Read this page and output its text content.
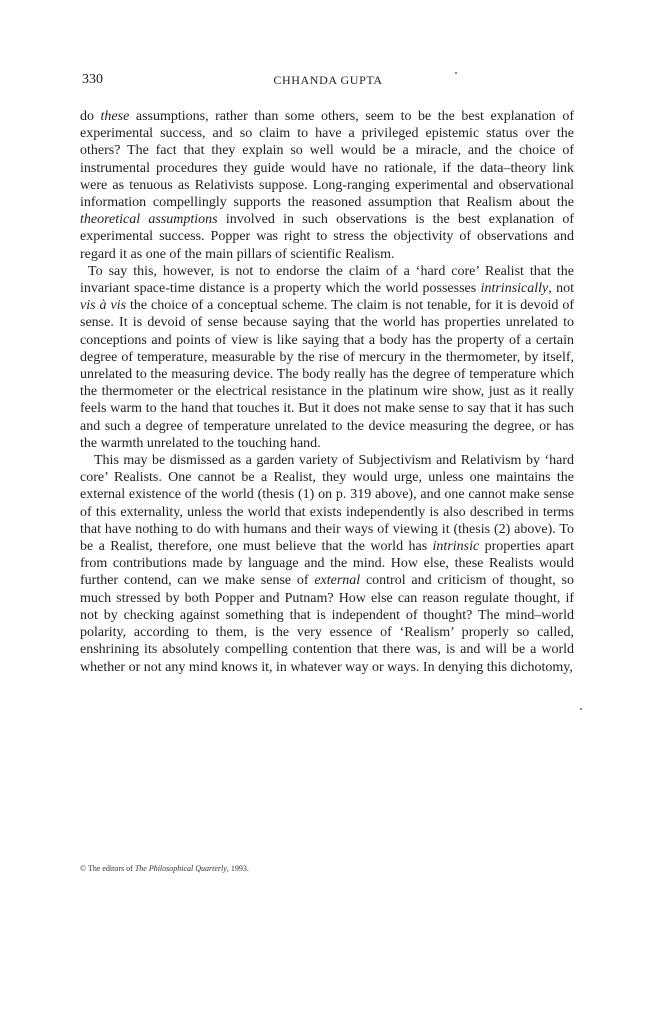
330	CHHANDA GUPTA

do these assumptions, rather than some others, seem to be the best explanation of experimental success, and so claim to have a privileged epistemic status over the others? The fact that they explain so well would be a miracle, and the choice of instrumental procedures they guide would have no rationale, if the data–theory link were as tenuous as Relativists suppose. Long-ranging experimental and observational information compellingly supports the reasoned assumption that Realism about the theoretical assumptions involved in such observations is the best explanation of experimental success. Popper was right to stress the objectivity of observations and regard it as one of the main pillars of scientific Realism.

To say this, however, is not to endorse the claim of a ‘hard core’ Realist that the invariant space-time distance is a property which the world possesses intrinsically, not vis à vis the choice of a conceptual scheme. The claim is not tenable, for it is devoid of sense. It is devoid of sense because saying that the world has properties unrelated to conceptions and points of view is like saying that a body has the property of a certain degree of temperature, measurable by the rise of mercury in the thermometer, by itself, unrelated to the measuring device. The body really has the degree of temperature which the thermometer or the electrical resistance in the platinum wire show, just as it really feels warm to the hand that touches it. But it does not make sense to say that it has such and such a degree of temperature unrelated to the device measuring the degree, or has the warmth unrelated to the touching hand.

This may be dismissed as a garden variety of Subjectivism and Relativism by ‘hard core’ Realists. One cannot be a Realist, they would urge, unless one maintains the external existence of the world (thesis (1) on p. 319 above), and one cannot make sense of this externality, unless the world that exists independently is also described in terms that have nothing to do with humans and their ways of viewing it (thesis (2) above). To be a Realist, therefore, one must believe that the world has intrinsic properties apart from contributions made by language and the mind. How else, these Realists would further contend, can we make sense of external control and criticism of thought, so much stressed by both Popper and Putnam? How else can reason regulate thought, if not by checking against something that is independent of thought? The mind–world polarity, according to them, is the very essence of ‘Realism’ properly so called, enshrining its absolutely compelling contention that there was, is and will be a world whether or not any mind knows it, in whatever way or ways. In denying this dichotomy,

© The editors of The Philosophical Quarterly, 1993.
